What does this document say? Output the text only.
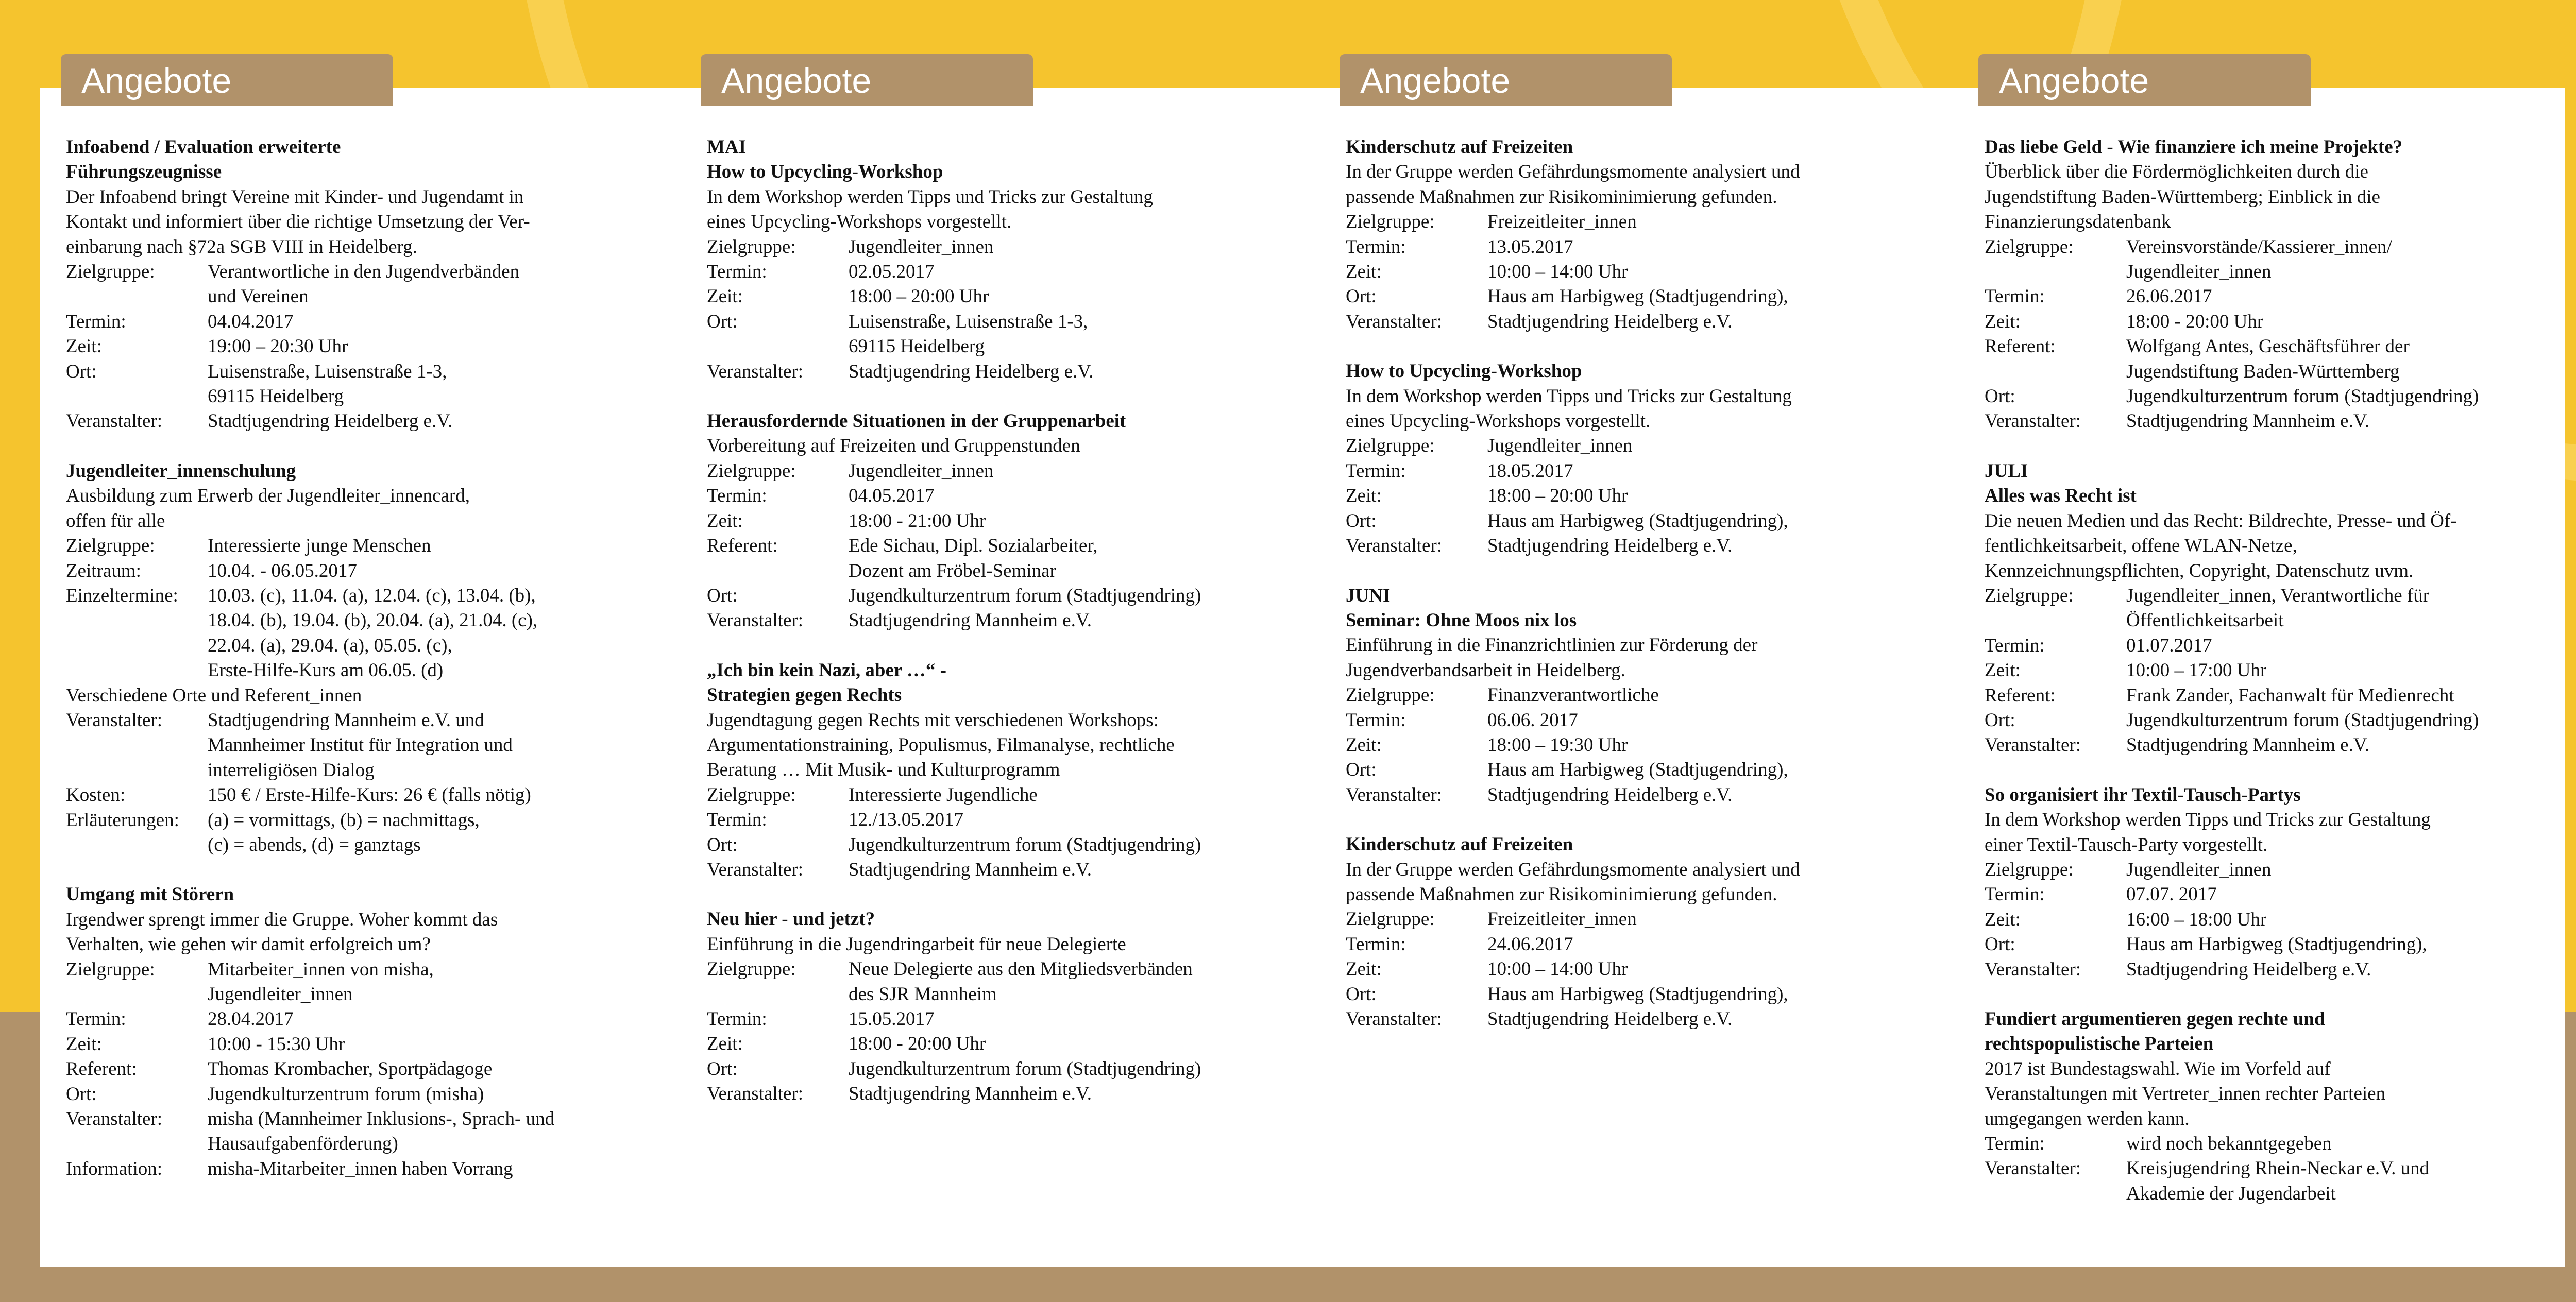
Angebote	Angebote	Angebote	Angebote

Infoabend / Evaluation erweiterte

Führungszeugnisse

Der Infoabend bringt Vereine mit Kinder- und Jugendamt in

Kontakt und informiert über die richtige Umsetzung der Ver-

einbarung nach §72a SGB VIII in Heidelberg.

Zielgruppe:	Verantwortliche in den Jugendverbänden
und Vereinen
Termin:	04.04.2017
Zeit:	19:00 – 20:30 Uhr
Ort:	Luisenstraße, Luisenstraße 1-3,
69115 Heidelberg
Veranstalter:	Stadtjugendring Heidelberg e.V.

Jugendleiter_innenschulung

Ausbildung zum Erwerb der Jugendleiter_innencard,

offen für alle

Zielgruppe:	Interessierte junge Menschen
Zeitraum:	10.04. - 06.05.2017
Einzeltermine:	10.03. (c), 11.04. (a), 12.04. (c), 13.04. (b),
18.04. (b), 19.04. (b), 20.04. (a), 21.04. (c),
22.04. (a), 29.04. (a), 05.05. (c),
Erste-Hilfe-Kurs am 06.05. (d)

Verschiedene Orte und Referent_innen

Veranstalter:	Stadtjugendring Mannheim e.V. und
Mannheimer Institut für Integration und
interreligiösen Dialog
Kosten:	150 € / Erste-Hilfe-Kurs: 26 € (falls nötig)
Erläuterungen:	(a) = vormittags, (b) = nachmittags,
(c) = abends, (d) = ganztags

Umgang mit Störern

Irgendwer sprengt immer die Gruppe. Woher kommt das

Verhalten, wie gehen wir damit erfolgreich um?

Zielgruppe:	Mitarbeiter_innen von misha,
Jugendleiter_innen
Termin:	28.04.2017
Zeit:	10:00 - 15:30 Uhr
Referent:	Thomas Krombacher, Sportpädagoge
Ort:	Jugendkulturzentrum forum (misha)
Veranstalter:	misha (Mannheimer Inklusions-, Sprach- und
Hausaufgabenförderung)
Information:	misha-Mitarbeiter_innen haben Vorrang

MAI

How to Upcycling-Workshop

In dem Workshop werden Tipps und Tricks zur Gestaltung

eines Upcycling-Workshops vorgestellt.

Zielgruppe:	Jugendleiter_innen
Termin:	02.05.2017
Zeit:	18:00 – 20:00 Uhr
Ort:	Luisenstraße, Luisenstraße 1-3,
69115 Heidelberg
Veranstalter:	Stadtjugendring Heidelberg e.V.

Herausfordernde Situationen in der Gruppenarbeit

Vorbereitung auf Freizeiten und Gruppenstunden

Zielgruppe:	Jugendleiter_innen
Termin:	04.05.2017
Zeit:	18:00 - 21:00 Uhr
Referent:	Ede Sichau, Dipl. Sozialarbeiter,
Dozent am Fröbel-Seminar
Ort:	Jugendkulturzentrum forum (Stadtjugendring)
Veranstalter:	Stadtjugendring Mannheim e.V.

„Ich bin kein Nazi, aber …“ -

Strategien gegen Rechts

Jugendtagung gegen Rechts mit verschiedenen Workshops:

Argumentationstraining, Populismus, Filmanalyse, rechtliche

Beratung … Mit Musik- und Kulturprogramm

Zielgruppe:	Interessierte Jugendliche
Termin:	12./13.05.2017
Ort:	Jugendkulturzentrum forum (Stadtjugendring)
Veranstalter:	Stadtjugendring Mannheim e.V.

Neu hier - und jetzt?

Einführung in die Jugendringarbeit für neue Delegierte

Zielgruppe:	Neue Delegierte aus den Mitgliedsverbänden
des SJR Mannheim
Termin:	15.05.2017
Zeit:	18:00 - 20:00 Uhr
Ort:	Jugendkulturzentrum forum (Stadtjugendring)
Veranstalter:	Stadtjugendring Mannheim e.V.

Kinderschutz auf Freizeiten

In der Gruppe werden Gefährdungsmomente analysiert und

passende Maßnahmen zur Risikominimierung gefunden.

Zielgruppe:	Freizeitleiter_innen
Termin:	13.05.2017
Zeit:	10:00 – 14:00 Uhr
Ort:	Haus am Harbigweg (Stadtjugendring),
Veranstalter:	Stadtjugendring Heidelberg e.V.

How to Upcycling-Workshop

In dem Workshop werden Tipps und Tricks zur Gestaltung

eines Upcycling-Workshops vorgestellt.

Zielgruppe:	Jugendleiter_innen
Termin:	18.05.2017
Zeit:	18:00 – 20:00 Uhr
Ort:	Haus am Harbigweg (Stadtjugendring),
Veranstalter:	Stadtjugendring Heidelberg e.V.

JUNI

Seminar: Ohne Moos nix los

Einführung in die Finanzrichtlinien zur Förderung der

Jugendverbandsarbeit in Heidelberg.

Zielgruppe:	Finanzverantwortliche
Termin:	06.06. 2017
Zeit:	18:00 – 19:30 Uhr
Ort:	Haus am Harbigweg (Stadtjugendring),
Veranstalter:	Stadtjugendring Heidelberg e.V.

Kinderschutz auf Freizeiten

In der Gruppe werden Gefährdungsmomente analysiert und

passende Maßnahmen zur Risikominimierung gefunden.

Zielgruppe:	Freizeitleiter_innen
Termin:	24.06.2017
Zeit:	10:00 – 14:00 Uhr
Ort:	Haus am Harbigweg (Stadtjugendring),
Veranstalter:	Stadtjugendring Heidelberg e.V.

Das liebe Geld - Wie finanziere ich meine Projekte?

Überblick über die Fördermöglichkeiten durch die

Jugendstiftung Baden-Württemberg; Einblick in die

Finanzierungsdatenbank

Zielgruppe:	Vereinsvorstände/Kassierer_innen/
Jugendleiter_innen
Termin:	26.06.2017
Zeit:	18:00 - 20:00 Uhr
Referent:	Wolfgang Antes, Geschäftsführer der
Jugendstiftung Baden-Württemberg
Ort:	Jugendkulturzentrum forum (Stadtjugendring)
Veranstalter:	Stadtjugendring Mannheim e.V.

JULI

Alles was Recht ist

Die neuen Medien und das Recht: Bildrechte, Presse- und Öf-

fentlichkeitsarbeit, offene WLAN-Netze,

Kennzeichnungspflichten, Copyright, Datenschutz uvm.

Zielgruppe:	Jugendleiter_innen, Verantwortliche für
Öffentlichkeitsarbeit
Termin:	01.07.2017
Zeit:	10:00 – 17:00 Uhr
Referent:	Frank Zander, Fachanwalt für Medienrecht
Ort:	Jugendkulturzentrum forum (Stadtjugendring)
Veranstalter:	Stadtjugendring Mannheim e.V.

So organisiert ihr Textil-Tausch-Partys

In dem Workshop werden Tipps und Tricks zur Gestaltung

einer Textil-Tausch-Party vorgestellt.

Zielgruppe:	Jugendleiter_innen
Termin:	07.07. 2017
Zeit:	16:00 – 18:00 Uhr
Ort:	Haus am Harbigweg (Stadtjugendring),
Veranstalter:	Stadtjugendring Heidelberg e.V.

Fundiert argumentieren gegen rechte und

rechtspopulistische Parteien

2017 ist Bundestagswahl. Wie im Vorfeld auf

Veranstaltungen mit Vertreter_innen rechter Parteien

umgegangen werden kann.

Termin:	wird noch bekanntgegeben
Veranstalter:	Kreisjugendring Rhein-Neckar e.V. und
Akademie der Jugendarbeit
